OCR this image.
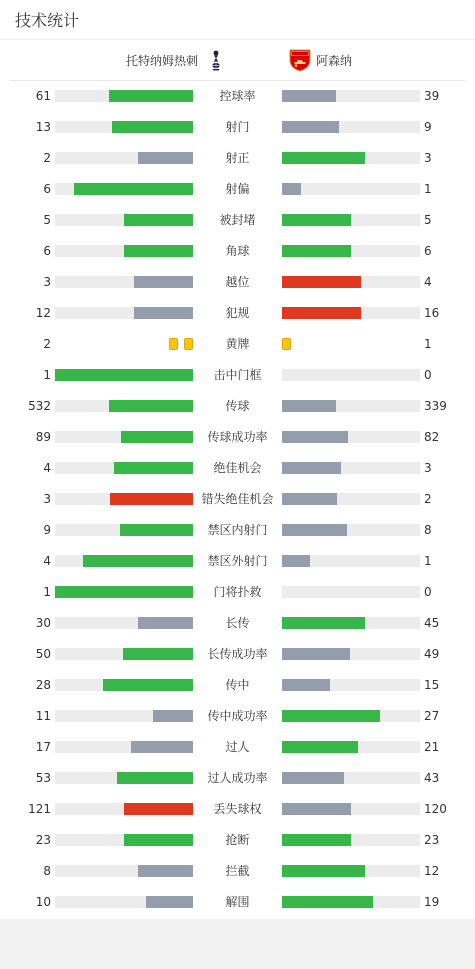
技术统计
托特纳姆热刺	阿森纳
61	控球率	39
13	射门	9
2	射正	3
6	射偏	1
5	被封堵	5
6	角球	6
3	越位	4
12	犯规	16
2	黄牌	1
1	击中门框	0
532	传球	339
89	传球成功率	82
4	绝佳机会	3
3	错失绝佳机会	2
9	禁区内射门	8
4	禁区外射门	1
1	门将扑救	0
30	长传	45
50	长传成功率	49
28	传中	15
11	传中成功率	27
17	过人	21
53	过人成功率	43
121	丢失球权	120
23	抢断	23
8	拦截	12
10	解围	19
